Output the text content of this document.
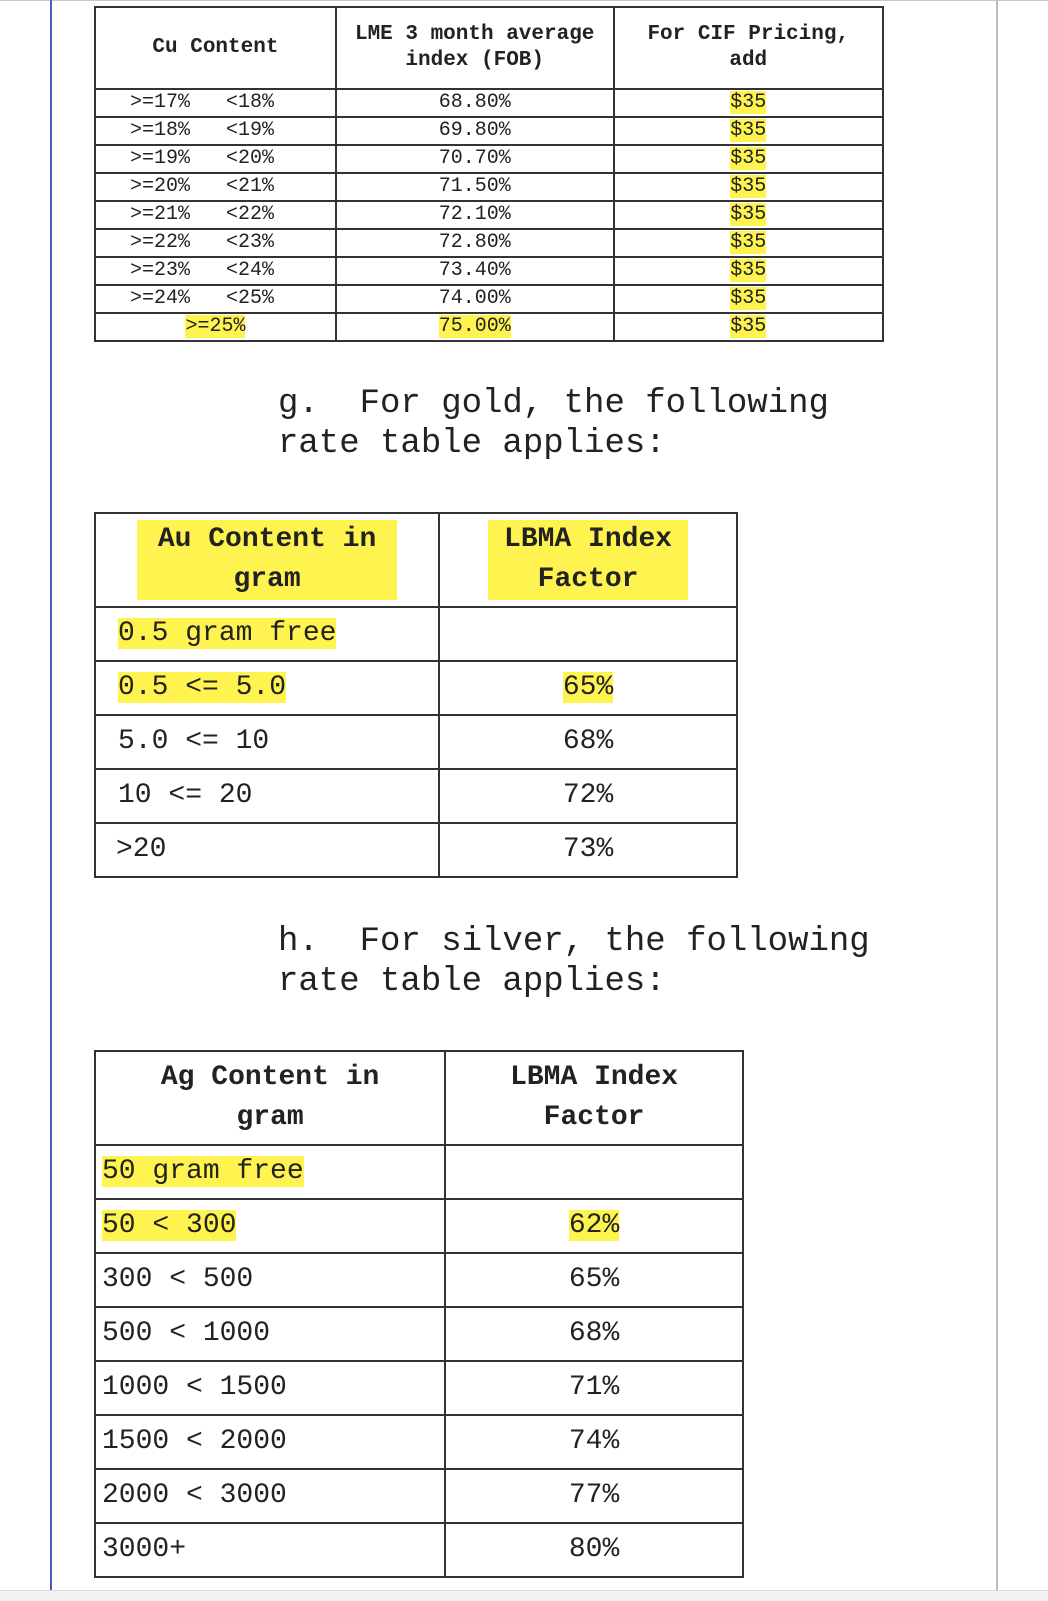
Cu Content	LME 3 month average index (FOB)	For CIF Pricing, add
>=17%   <18%	68.80%	$35
>=18%   <19%	69.80%	$35
>=19%   <20%	70.70%	$35
>=20%   <21%	71.50%	$35
>=21%   <22%	72.10%	$35
>=22%   <23%	72.80%	$35
>=23%   <24%	73.40%	$35
>=24%   <25%	74.00%	$35
>=25%	75.00%	$35
g.  For gold, the following
rate table applies:
Au Content in gram	LBMA Index Factor
0.5 gram free	
0.5 <= 5.0	65%
5.0 <= 10	68%
10 <= 20	72%
>20	73%
h.  For silver, the following
rate table applies:
Ag Content in gram	LBMA Index Factor
50 gram free	
50 < 300	62%
300 < 500	65%
500 < 1000	68%
1000 < 1500	71%
1500 < 2000	74%
2000 < 3000	77%
3000+	80%
